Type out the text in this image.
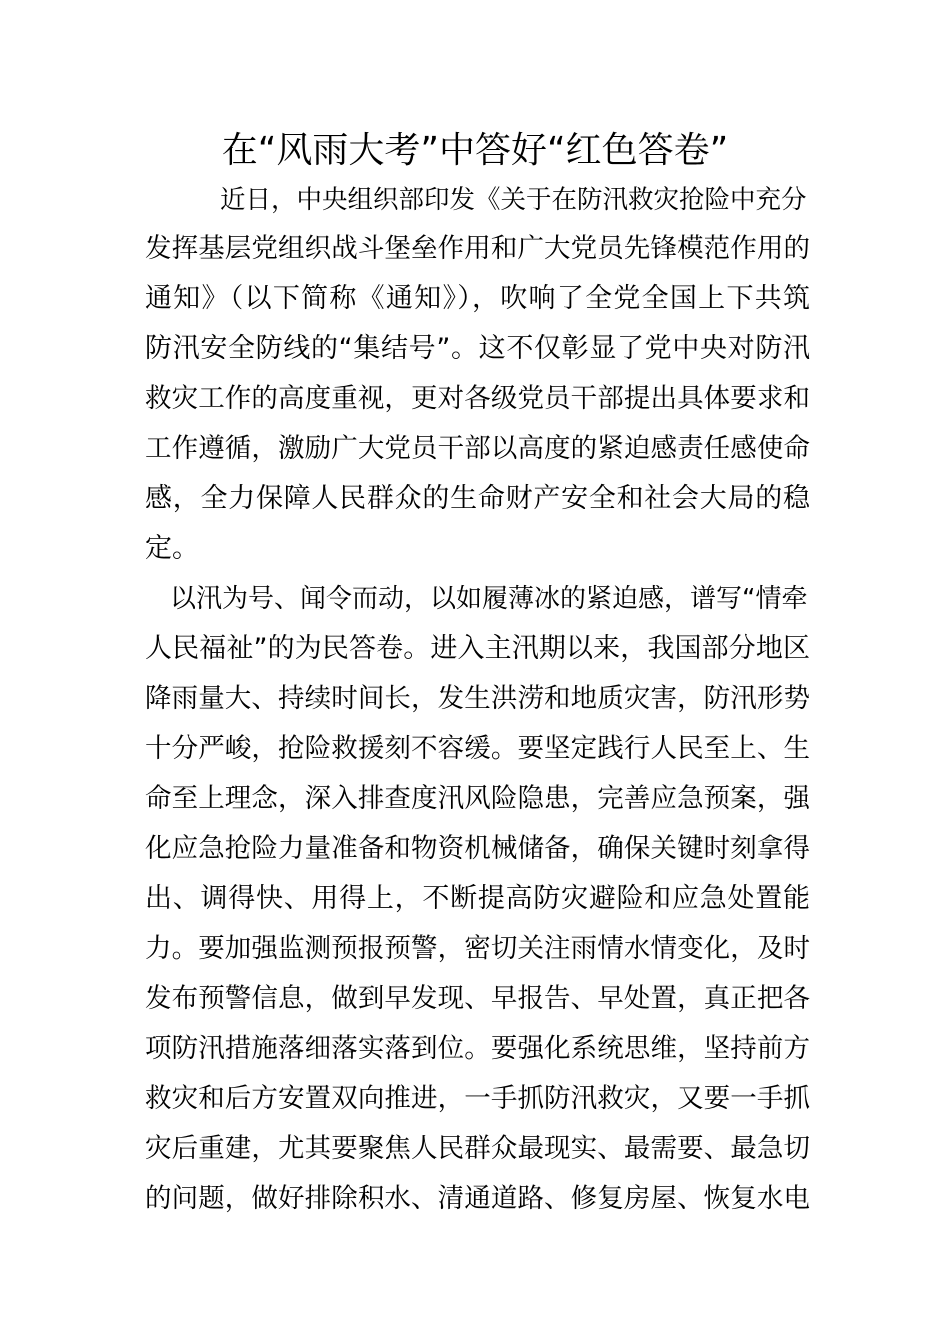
在“风雨大考”中答好“红色答卷”

近日，中央组织部印发《关于在防汛救灾抢险中充分

发挥基层党组织战斗堡垒作用和广大党员先锋模范作用的

通知》（以下简称《通知》），吹响了全党全国上下共筑

防汛安全防线的“集结号”。这不仅彰显了党中央对防汛

救灾工作的高度重视，更对各级党员干部提出具体要求和

工作遵循，激励广大党员干部以高度的紧迫感责任感使命

感，全力保障人民群众的生命财产安全和社会大局的稳

定。

以汛为号、闻令而动，以如履薄冰的紧迫感，谱写“情牵

人民福祉”的为民答卷。进入主汛期以来，我国部分地区

降雨量大、持续时间长，发生洪涝和地质灾害，防汛形势

十分严峻，抢险救援刻不容缓。要坚定践行人民至上、生

命至上理念，深入排查度汛风险隐患，完善应急预案，强

化应急抢险力量准备和物资机械储备，确保关键时刻拿得

出、调得快、用得上，不断提高防灾避险和应急处置能

力。要加强监测预报预警，密切关注雨情水情变化，及时

发布预警信息，做到早发现、早报告、早处置，真正把各

项防汛措施落细落实落到位。要强化系统思维，坚持前方

救灾和后方安置双向推进，一手抓防汛救灾，又要一手抓

灾后重建，尤其要聚焦人民群众最现实、最需要、最急切

的问题，做好排除积水、清通道路、修复房屋、恢复水电
